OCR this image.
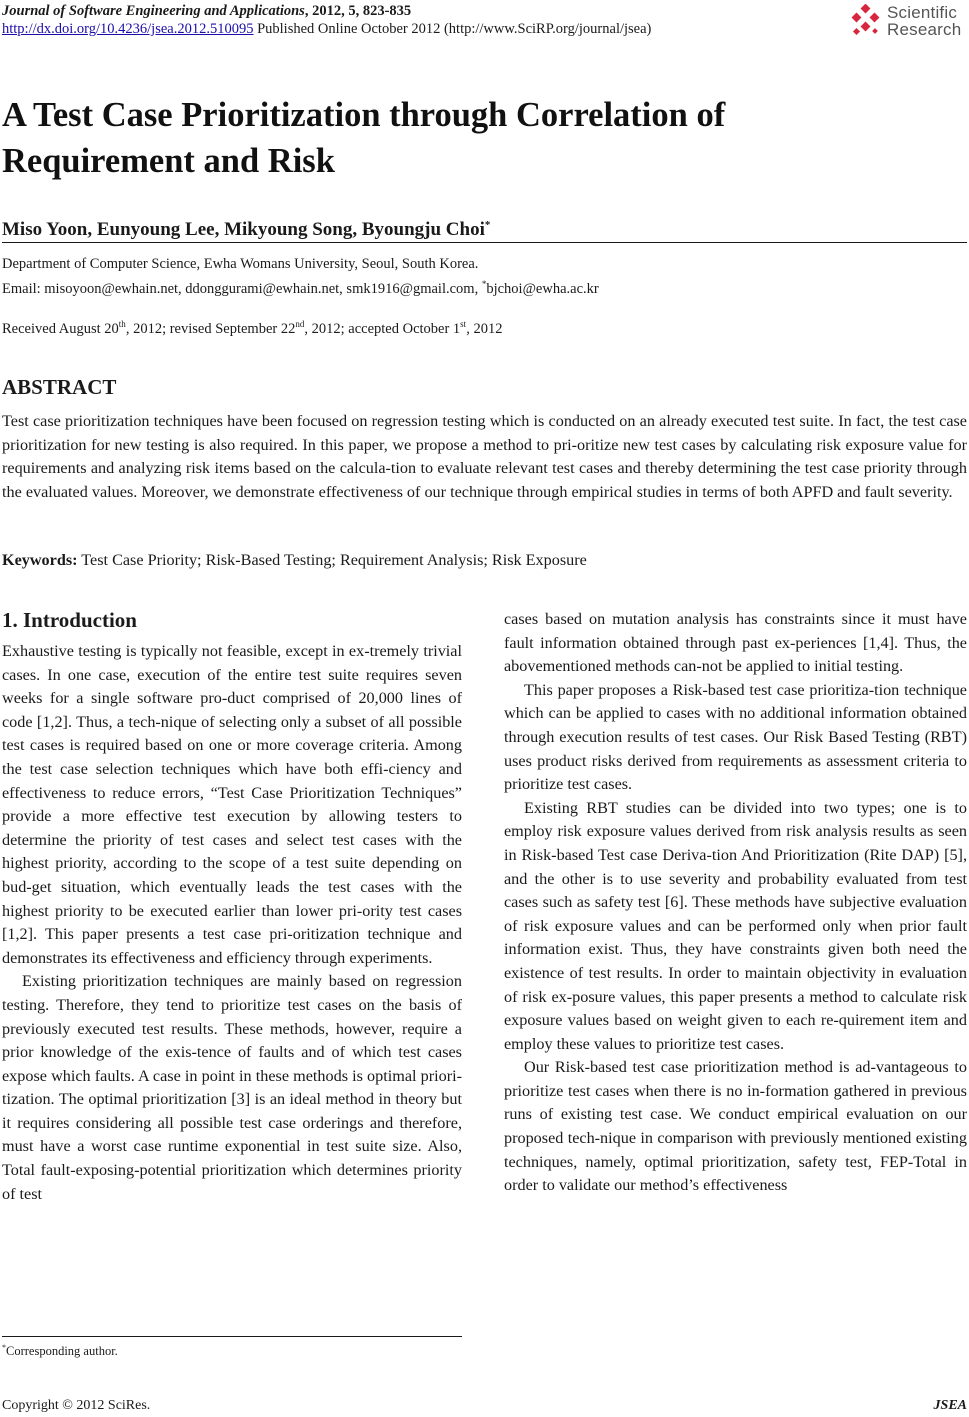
Journal of Software Engineering and Applications, 2012, 5, 823-835
http://dx.doi.org/10.4236/jsea.2012.510095 Published Online October 2012 (http://www.SciRP.org/journal/jsea)
Scientific
Research
A Test Case Prioritization through Correlation of
Requirement and Risk
Miso Yoon, Eunyoung Lee, Mikyoung Song, Byoungju Choi*
Department of Computer Science, Ewha Womans University, Seoul, South Korea.
Email: misoyoon@ewhain.net, ddonggurami@ewhain.net, smk1916@gmail.com, *bjchoi@ewha.ac.kr
Received August 20th, 2012; revised September 22nd, 2012; accepted October 1st, 2012
ABSTRACT
Test case prioritization techniques have been focused on regression testing which is conducted on an already executed test suite. In fact, the test case prioritization for new testing is also required. In this paper, we propose a method to pri-oritize new test cases by calculating risk exposure value for requirements and analyzing risk items based on the calcula-tion to evaluate relevant test cases and thereby determining the test case priority through the evaluated values. Moreover, we demonstrate effectiveness of our technique through empirical studies in terms of both APFD and fault severity.
Keywords: Test Case Priority; Risk-Based Testing; Requirement Analysis; Risk Exposure
1. Introduction

Exhaustive testing is typically not feasible, except in ex-tremely trivial cases. In one case, execution of the entire test suite requires seven weeks for a single software pro-duct comprised of 20,000 lines of code [1,2]. Thus, a tech-nique of selecting only a subset of all possible test cases is required based on one or more coverage criteria. Among the test case selection techniques which have both effi-ciency and effectiveness to reduce errors, “Test Case Prioritization Techniques” provide a more effective test execution by allowing testers to determine the priority of test cases and select test cases with the highest priority, according to the scope of a test suite depending on bud-get situation, which eventually leads the test cases with the highest priority to be executed earlier than lower pri-ority test cases [1,2]. This paper presents a test case pri-oritization technique and demonstrates its effectiveness and efficiency through experiments.

Existing prioritization techniques are mainly based on regression testing. Therefore, they tend to prioritize test cases on the basis of previously executed test results. These methods, however, require a prior knowledge of the exis-tence of faults and of which test cases expose which faults. A case in point in these methods is optimal priori-tization. The optimal prioritization [3] is an ideal method in theory but it requires considering all possible test case orderings and therefore, must have a worst case runtime exponential in test suite size. Also, Total fault-exposing-potential prioritization which determines priority of test

cases based on mutation analysis has constraints since it must have fault information obtained through past ex-periences [1,4]. Thus, the abovementioned methods can-not be applied to initial testing.

This paper proposes a Risk-based test case prioritiza-tion technique which can be applied to cases with no additional information obtained through execution results of test cases. Our Risk Based Testing (RBT) uses product risks derived from requirements as assessment criteria to prioritize test cases.

Existing RBT studies can be divided into two types; one is to employ risk exposure values derived from risk analysis results as seen in Risk-based Test case Deriva-tion And Prioritization (Rite DAP) [5], and the other is to use severity and probability evaluated from test cases such as safety test [6]. These methods have subjective evaluation of risk exposure values and can be performed only when prior fault information exist. Thus, they have constraints given both need the existence of test results. In order to maintain objectivity in evaluation of risk ex-posure values, this paper presents a method to calculate risk exposure values based on weight given to each re-quirement item and employ these values to prioritize test cases.

Our Risk-based test case prioritization method is ad-vantageous to prioritize test cases when there is no in-formation gathered in previous runs of existing test case. We conduct empirical evaluation on our proposed tech-nique in comparison with previously mentioned existing techniques, namely, optimal prioritization, safety test, FEP-Total in order to validate our method’s effectiveness

*Corresponding author.
Copyright © 2012 SciRes.	JSEA
